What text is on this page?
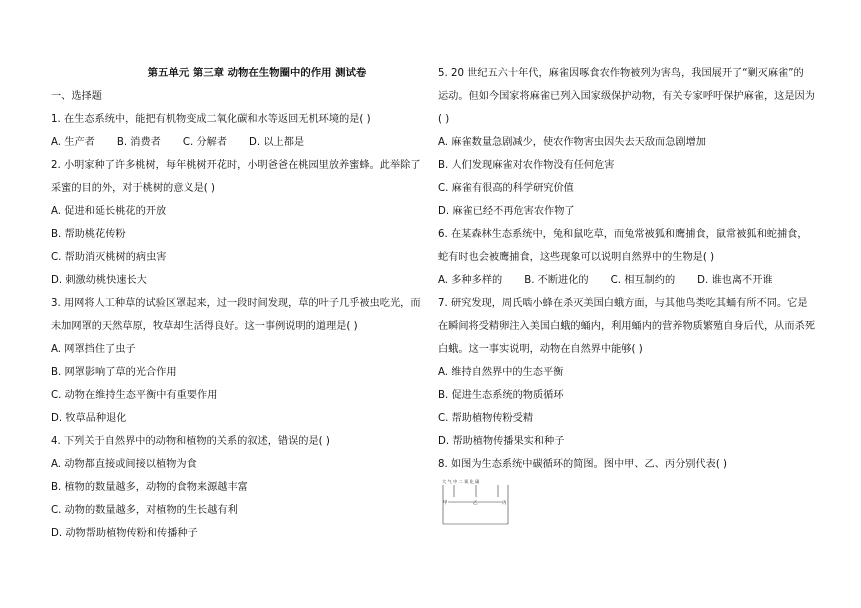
第五单元 第三章 动物在生物圈中的作用 测试卷
一、选择题
1. 在生态系统中，能把有机物变成二氧化碳和水等返回无机环境的是( )
A. 生产者 B. 消费者 C. 分解者 D. 以上都是
2. 小明家种了许多桃树，每年桃树开花时，小明爸爸在桃园里放养蜜蜂。此举除了
采蜜的目的外，对于桃树的意义是( )
A. 促进和延长桃花的开放
B. 帮助桃花传粉
C. 帮助消灭桃树的病虫害
D. 刺激幼桃快速长大
3. 用网将人工种草的试验区罩起来，过一段时间发现，草的叶子几乎被虫吃光，而
未加网罩的天然草原，牧草却生活得良好。这一事例说明的道理是( )
A. 网罩挡住了虫子
B. 网罩影响了草的光合作用
C. 动物在维持生态平衡中有重要作用
D. 牧草品种退化
4. 下列关于自然界中的动物和植物的关系的叙述，错误的是( )
A. 动物都直接或间接以植物为食
B. 植物的数量越多，动物的食物来源越丰富
C. 动物的数量越多，对植物的生长越有利
D. 动物帮助植物传粉和传播种子
5. 20 世纪五六十年代，麻雀因啄食农作物被列为害鸟，我国展开了“剿灭麻雀”的
运动。但如今国家将麻雀已列入国家级保护动物，有关专家呼吁保护麻雀，这是因为
( )
A. 麻雀数量急剧减少，使农作物害虫因失去天敌而急剧增加
B. 人们发现麻雀对农作物没有任何危害
C. 麻雀有很高的科学研究价值
D. 麻雀已经不再危害农作物了
6. 在某森林生态系统中，兔和鼠吃草，而兔常被狐和鹰捕食，鼠常被狐和蛇捕食，
蛇有时也会被鹰捕食，这些现象可以说明自然界中的生物是( )
A. 多种多样的 B. 不断进化的 C. 相互制约的 D. 谁也离不开谁
7. 研究发现，周氏啮小蜂在杀灭美国白蛾方面，与其他鸟类吃其蛹有所不同。它是
在瞬间将受精卵注入美国白蛾的蛹内，利用蛹内的营养物质繁殖自身后代，从而杀死
白蛾。这一事实说明，动物在自然界中能够( )
A. 维持自然界中的生态平衡
B. 促进生态系统的物质循环
C. 帮助植物传粉受精
D. 帮助植物传播果实和种子
8. 如图为生态系统中碳循环的简图。图中甲、乙、丙分别代表( )
大 气 中 二 氧 化 碳
甲	乙	丙
